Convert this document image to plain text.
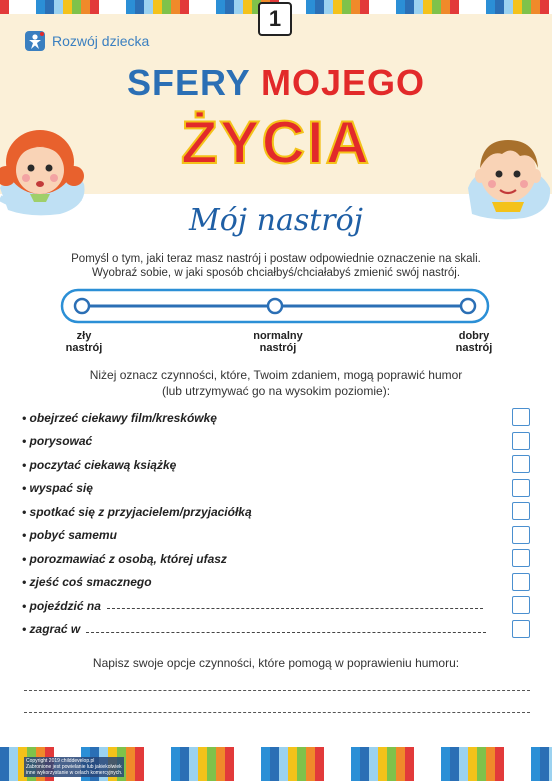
1
Rozwój dziecka
SFERY MOJEGO
ŻYCIA
Mój nastrój
Pomyśl o tym, jaki teraz masz nastrój i postaw odpowiednie oznaczenie na skali.
Wyobraź sobie, w jaki sposób chciałbyś/chciałabyś zmienić swój nastrój.
zły
nastrój
normalny
nastrój
dobry
nastrój
Niżej oznacz czynności, które, Twoim zdaniem, mogą poprawić humor
(lub utrzymywać go na wysokim poziomie):
• obejrzeć ciekawy film/kreskówkę
• porysować
• poczytać ciekawą książkę
• wyspać się
• spotkać się z przyjacielem/przyjaciółką
• pobyć samemu
• porozmawiać z osobą, której ufasz
• zjeść coś smacznego
• pojeździć na
• zagrać w
Napisz swoje opcje czynności, które pomogą w poprawieniu humoru:
Copyright 2019 childdevelop.pl
Zabronione jest powielanie lub jakiekolwiek
inne wykorzystanie w celach komercyjnych.
